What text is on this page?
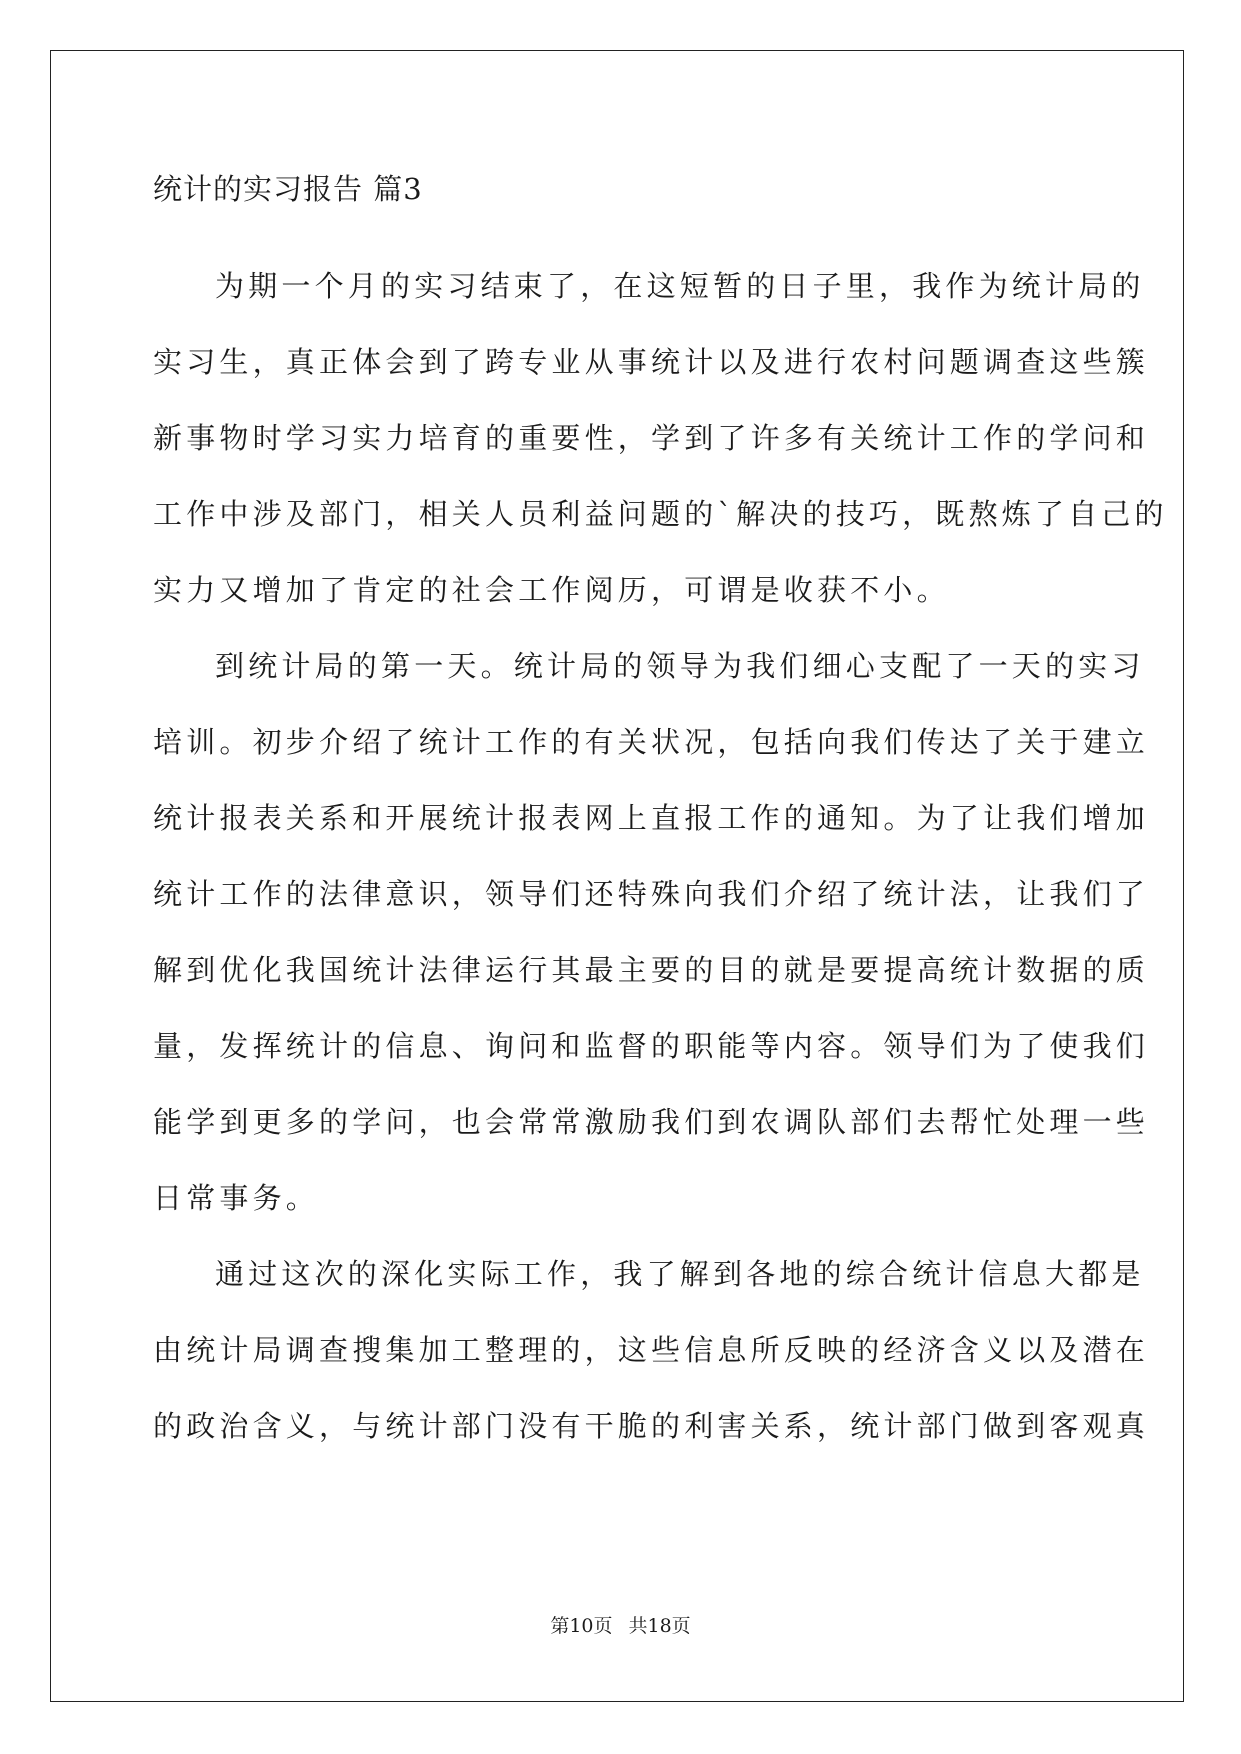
统计的实习报告 篇3

为期一个月的实习结束了，在这短暂的日子里，我作为统计局的
实习生，真正体会到了跨专业从事统计以及进行农村问题调查这些簇
新事物时学习实力培育的重要性，学到了许多有关统计工作的学问和
工作中涉及部门，相关人员利益问题的`解决的技巧，既熬炼了自己的
实力又增加了肯定的社会工作阅历，可谓是收获不小。

到统计局的第一天。统计局的领导为我们细心支配了一天的实习
培训。初步介绍了统计工作的有关状况，包括向我们传达了关于建立
统计报表关系和开展统计报表网上直报工作的通知。为了让我们增加
统计工作的法律意识，领导们还特殊向我们介绍了统计法，让我们了
解到优化我国统计法律运行其最主要的目的就是要提高统计数据的质
量，发挥统计的信息、询问和监督的职能等内容。领导们为了使我们
能学到更多的学问，也会常常激励我们到农调队部们去帮忙处理一些
日常事务。

通过这次的深化实际工作，我了解到各地的综合统计信息大都是
由统计局调查搜集加工整理的，这些信息所反映的经济含义以及潜在
的政治含义，与统计部门没有干脆的利害关系，统计部门做到客观真

第10页 共18页
